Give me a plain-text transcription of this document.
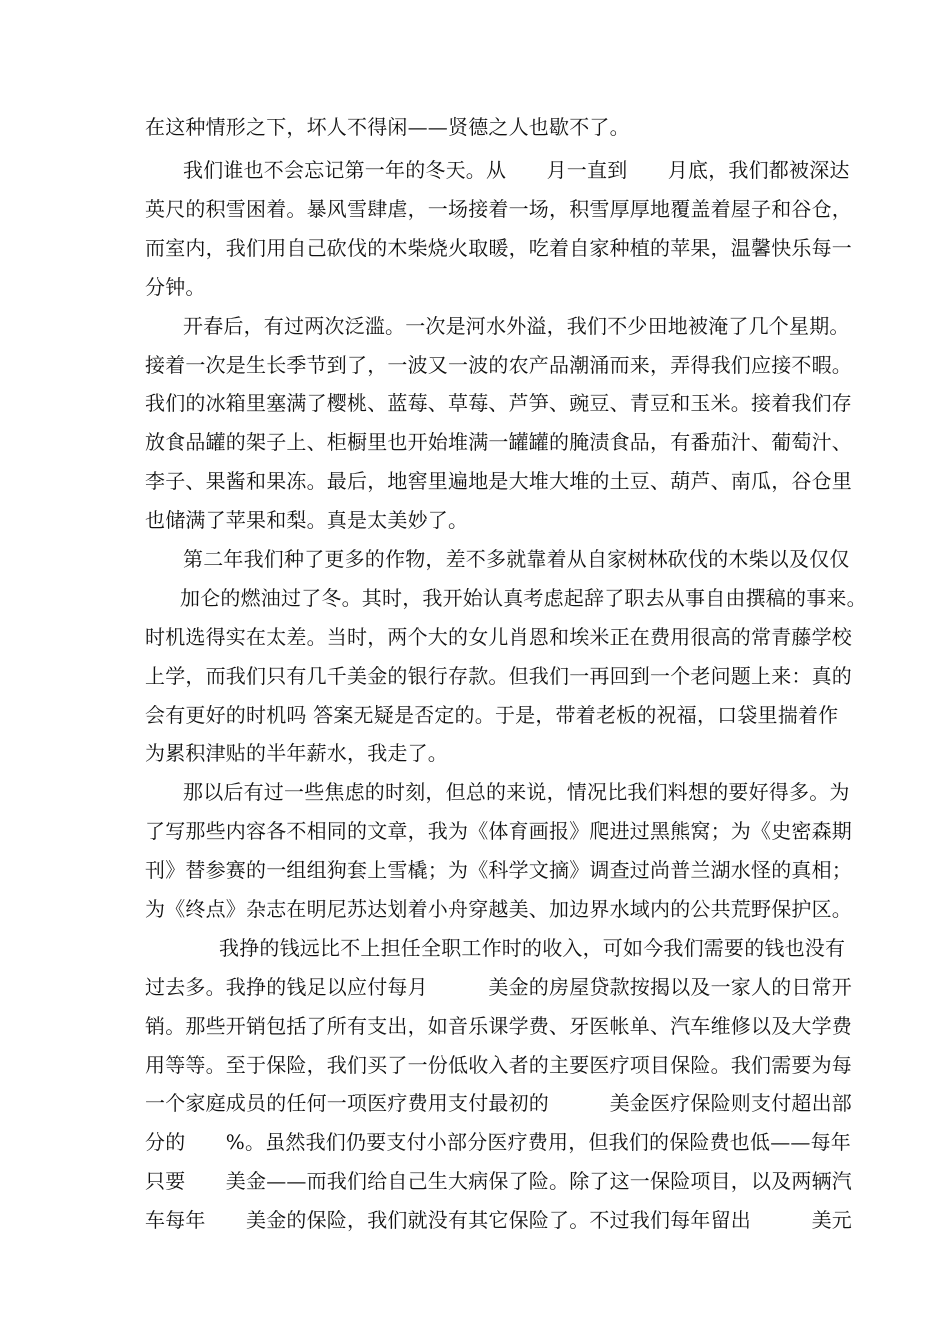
在这种情形之下，坏人不得闲——贤德之人也歇不了。
我们谁也不会忘记第一年的冬天。从　　月一直到　　月底，我们都被深达
英尺的积雪困着。暴风雪肆虐，一场接着一场，积雪厚厚地覆盖着屋子和谷仓，
而室内，我们用自己砍伐的木柴烧火取暖，吃着自家种植的苹果，温馨快乐每一
分钟。
开春后，有过两次泛滥。一次是河水外溢，我们不少田地被淹了几个星期。
接着一次是生长季节到了，一波又一波的农产品潮涌而来，弄得我们应接不暇。
我们的冰箱里塞满了樱桃、蓝莓、草莓、芦笋、豌豆、青豆和玉米。接着我们存
放食品罐的架子上、柜橱里也开始堆满一罐罐的腌渍食品，有番茄汁、葡萄汁、
李子、果酱和果冻。最后，地窖里遍地是大堆大堆的土豆、葫芦、南瓜，谷仓里
也储满了苹果和梨。真是太美妙了。
第二年我们种了更多的作物，差不多就靠着从自家树林砍伐的木柴以及仅仅
加仑的燃油过了冬。其时，我开始认真考虑起辞了职去从事自由撰稿的事来。
时机选得实在太差。当时，两个大的女儿肖恩和埃米正在费用很高的常青藤学校
上学，而我们只有几千美金的银行存款。但我们一再回到一个老问题上来：真的
会有更好的时机吗 答案无疑是否定的。于是，带着老板的祝福，口袋里揣着作
为累积津贴的半年薪水，我走了。
那以后有过一些焦虑的时刻，但总的来说，情况比我们料想的要好得多。为
了写那些内容各不相同的文章，我为《体育画报》爬进过黑熊窝；为《史密森期
刊》替参赛的一组组狗套上雪橇；为《科学文摘》调查过尚普兰湖水怪的真相；
为《终点》杂志在明尼苏达划着小舟穿越美、加边界水域内的公共荒野保护区。
我挣的钱远比不上担任全职工作时的收入，可如今我们需要的钱也没有
过去多。我挣的钱足以应付每月　　　美金的房屋贷款按揭以及一家人的日常开
销。那些开销包括了所有支出，如音乐课学费、牙医帐单、汽车维修以及大学费
用等等。至于保险，我们买了一份低收入者的主要医疗项目保险。我们需要为每
一个家庭成员的任何一项医疗费用支付最初的　　　美金医疗保险则支付超出部
分的　　%。虽然我们仍要支付小部分医疗费用，但我们的保险费也低——每年
只要　　美金——而我们给自己生大病保了险。除了这一保险项目，以及两辆汽
车每年　　美金的保险，我们就没有其它保险了。不过我们每年留出　　　美元
